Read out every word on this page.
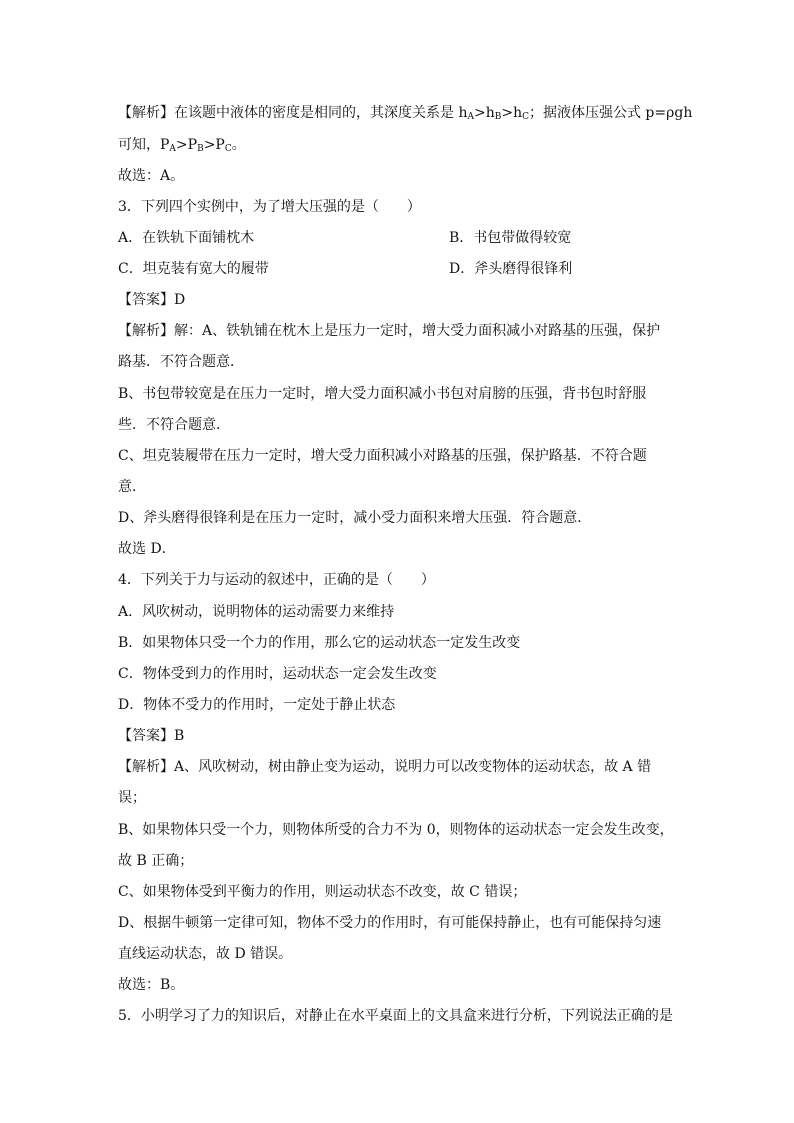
【解析】在该题中液体的密度是相同的，其深度关系是 $h_A>h_B>h_C$；据液体压强公式 p=ρgh
可知，$P_A>P_B>P_C$。
故选：A。
3．下列四个实例中，为了增大压强的是（　　）
A．在铁轨下面铺枕木	B．书包带做得较宽
C．坦克装有宽大的履带	D．斧头磨得很锋利
【答案】D
【解析】解：A、铁轨铺在枕木上是压力一定时，增大受力面积减小对路基的压强，保护
路基．不符合题意．
B、书包带较宽是在压力一定时，增大受力面积减小书包对肩膀的压强，背书包时舒服
些．不符合题意．
C、坦克装履带在压力一定时，增大受力面积减小对路基的压强，保护路基．不符合题
意．
D、斧头磨得很锋利是在压力一定时，减小受力面积来增大压强．符合题意．
故选 D．
4．下列关于力与运动的叙述中，正确的是（　　）
A．风吹树动，说明物体的运动需要力来维持
B．如果物体只受一个力的作用，那么它的运动状态一定发生改变
C．物体受到力的作用时，运动状态一定会发生改变
D．物体不受力的作用时，一定处于静止状态
【答案】B
【解析】A、风吹树动，树由静止变为运动，说明力可以改变物体的运动状态，故 A 错
误；
B、如果物体只受一个力，则物体所受的合力不为 0，则物体的运动状态一定会发生改变，
故 B 正确；
C、如果物体受到平衡力的作用，则运动状态不改变，故 C 错误；
D、根据牛顿第一定律可知，物体不受力的作用时，有可能保持静止，也有可能保持匀速
直线运动状态，故 D 错误。
故选：B。
5．小明学习了力的知识后，对静止在水平桌面上的文具盒来进行分析，下列说法正确的是
